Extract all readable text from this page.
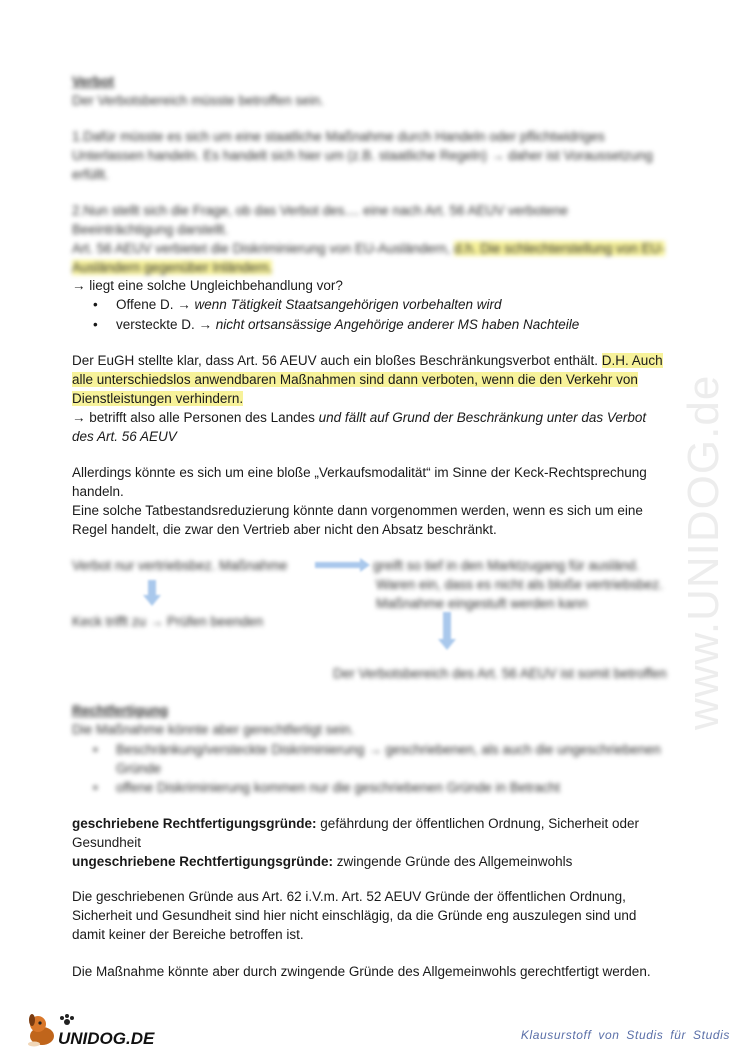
Verbot
Der Verbotsbereich müsste betroffen sein.
1.Dafür müsste es sich um eine staatliche Maßnahme durch Handeln oder pflichtwidriges
Unterlassen handeln. Es handelt sich hier um (z.B. staatliche Regeln) → daher ist Voraussetzung
erfüllt.
2.Nun stellt sich die Frage, ob das Verbot des.... eine nach Art. 56 AEUV verbotene
Beeinträchtigung darstellt.
Art. 56 AEUV verbietet die Diskriminierung von EU-Ausländern, d.h. Die schlechterstellung von EU-
Ausländern gegenüber Inländern.
→ liegt eine solche Ungleichbehandlung vor?
• Offene D. → wenn Tätigkeit Staatsangehörigen vorbehalten wird
• versteckte D. → nicht ortsansässige Angehörige anderer MS haben Nachteile
Der EuGH stellte klar, dass Art. 56 AEUV auch ein bloßes Beschränkungsverbot enthält. D.H. Auch
alle unterschiedslos anwendbaren Maßnahmen sind dann verboten, wenn die den Verkehr von
Dienstleistungen verhindern.
→ betrifft also alle Personen des Landes und fällt auf Grund der Beschränkung unter das Verbot
des Art. 56 AEUV
Allerdings könnte es sich um eine bloße „Verkaufsmodalität“ im Sinne der Keck-Rechtsprechung
handeln.
Eine solche Tatbestandsreduzierung könnte dann vorgenommen werden, wenn es sich um eine
Regel handelt, die zwar den Vertrieb aber nicht den Absatz beschränkt.
Verbot nur vertriebsbez. Maßnahme	greift so tief in den Marktzugang für ausländ.
Waren ein, dass es nicht als bloße vertriebsbez.
Maßnahme eingestuft werden kann
Keck trifft zu → Prüfen beenden
Der Verbotsbereich des Art. 56 AEUV ist somit betroffen
Rechtfertigung
Die Maßnahme könnte aber gerechtfertigt sein.
• Beschränkung/versteckte Diskriminierung → geschriebenen, als auch die ungeschriebenen
Gründe
• offene Diskriminierung kommen nur die geschriebenen Gründe in Betracht
geschriebene Rechtfertigungsgründe: gefährdung der öffentlichen Ordnung, Sicherheit oder
Gesundheit
ungeschriebene Rechtfertigungsgründe: zwingende Gründe des Allgemeinwohls
Die geschriebenen Gründe aus Art. 62 i.V.m. Art. 52 AEUV Gründe der öffentlichen Ordnung,
Sicherheit und Gesundheit sind hier nicht einschlägig, da die Gründe eng auszulegen sind und
damit keiner der Bereiche betroffen ist.
Die Maßnahme könnte aber durch zwingende Gründe des Allgemeinwohls gerechtfertigt werden.
www.UNIDOG.de
UNIDOG.DE	Klausurstoff von Studis für Studis
